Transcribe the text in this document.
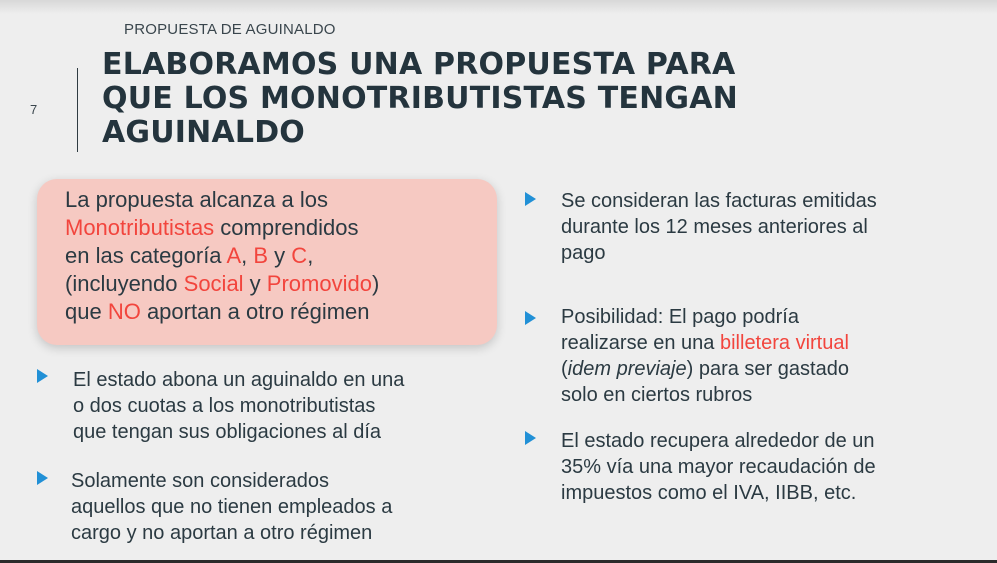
PROPUESTA DE AGUINALDO
7
ELABORAMOS UNA PROPUESTA PARA
QUE LOS MONOTRIBUTISTAS TENGAN
AGUINALDO
La propuesta alcanza a los
Monotributistas comprendidos
en las categoría A, B y C,
(incluyendo Social y Promovido)
que NO aportan a otro régimen
El estado abona un aguinaldo en una
o dos cuotas a los monotributistas
que tengan sus obligaciones al día
Solamente son considerados
aquellos que no tienen empleados a
cargo y no aportan a otro régimen
Se consideran las facturas emitidas
durante los 12 meses anteriores al
pago
Posibilidad: El pago podría
realizarse en una billetera virtual
(idem previaje) para ser gastado
solo en ciertos rubros
El estado recupera alrededor de un
35% vía una mayor recaudación de
impuestos como el IVA, IIBB, etc.
